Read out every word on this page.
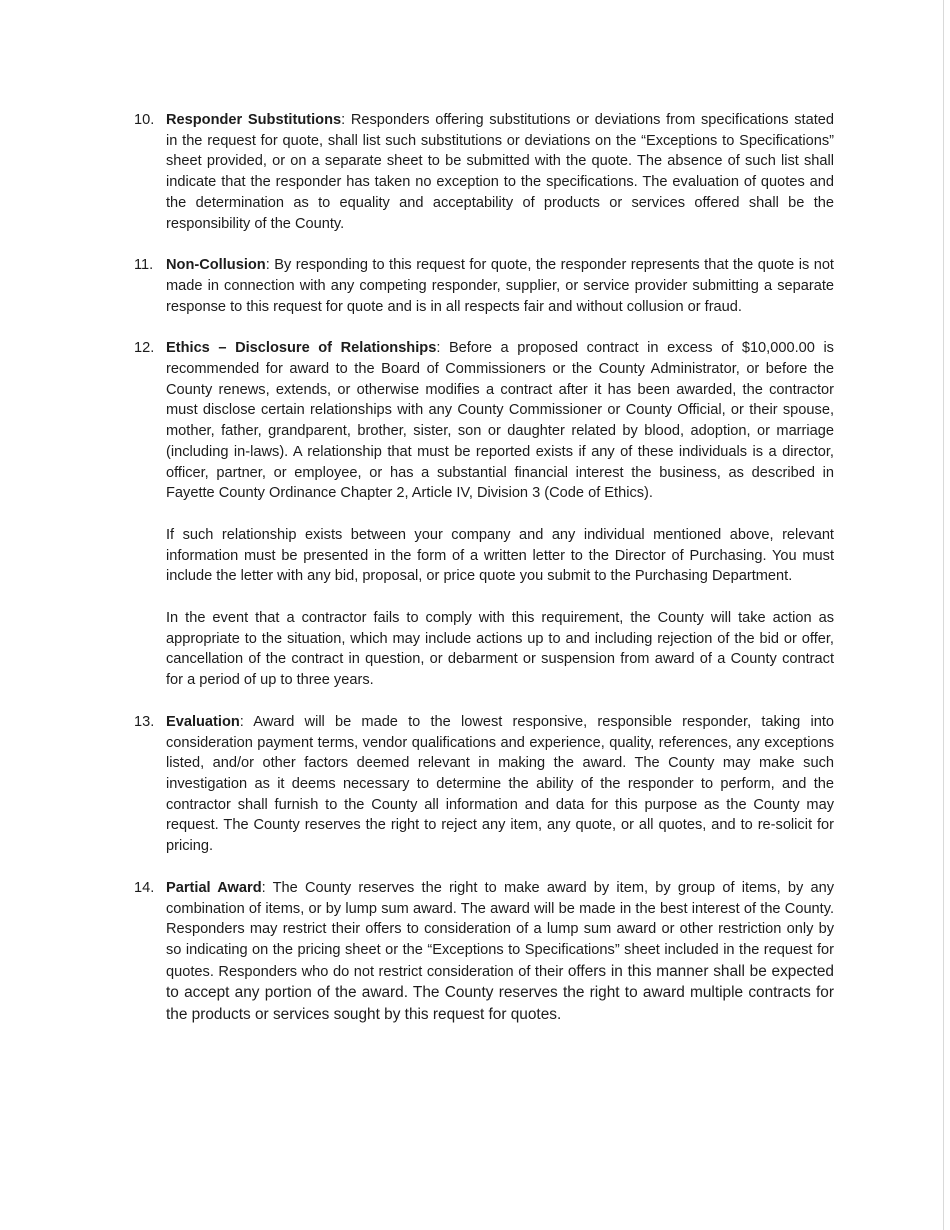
10. Responder Substitutions: Responders offering substitutions or deviations from specifications stated in the request for quote, shall list such substitutions or deviations on the “Exceptions to Specifications” sheet provided, or on a separate sheet to be submitted with the quote. The absence of such list shall indicate that the responder has taken no exception to the specifications. The evaluation of quotes and the determination as to equality and acceptability of products or services offered shall be the responsibility of the County.

11. Non-Collusion: By responding to this request for quote, the responder represents that the quote is not made in connection with any competing responder, supplier, or service provider submitting a separate response to this request for quote and is in all respects fair and without collusion or fraud.

12. Ethics – Disclosure of Relationships: Before a proposed contract in excess of $10,000.00 is recommended for award to the Board of Commissioners or the County Administrator, or before the County renews, extends, or otherwise modifies a contract after it has been awarded, the contractor must disclose certain relationships with any County Commissioner or County Official, or their spouse, mother, father, grandparent, brother, sister, son or daughter related by blood, adoption, or marriage (including in-laws). A relationship that must be reported exists if any of these individuals is a director, officer, partner, or employee, or has a substantial financial interest the business, as described in Fayette County Ordinance Chapter 2, Article IV, Division 3 (Code of Ethics).

If such relationship exists between your company and any individual mentioned above, relevant information must be presented in the form of a written letter to the Director of Purchasing. You must include the letter with any bid, proposal, or price quote you submit to the Purchasing Department.

In the event that a contractor fails to comply with this requirement, the County will take action as appropriate to the situation, which may include actions up to and including rejection of the bid or offer, cancellation of the contract in question, or debarment or suspension from award of a County contract for a period of up to three years.

13. Evaluation: Award will be made to the lowest responsive, responsible responder, taking into consideration payment terms, vendor qualifications and experience, quality, references, any exceptions listed, and/or other factors deemed relevant in making the award. The County may make such investigation as it deems necessary to determine the ability of the responder to perform, and the contractor shall furnish to the County all information and data for this purpose as the County may request. The County reserves the right to reject any item, any quote, or all quotes, and to re-solicit for pricing.

14. Partial Award: The County reserves the right to make award by item, by group of items, by any combination of items, or by lump sum award. The award will be made in the best interest of the County. Responders may restrict their offers to consideration of a lump sum award or other restriction only by so indicating on the pricing sheet or the “Exceptions to Specifications” sheet included in the request for quotes. Responders who do not restrict consideration of their offers in this manner shall be expected to accept any portion of the award. The County reserves the right to award multiple contracts for the products or services sought by this request for quotes.
